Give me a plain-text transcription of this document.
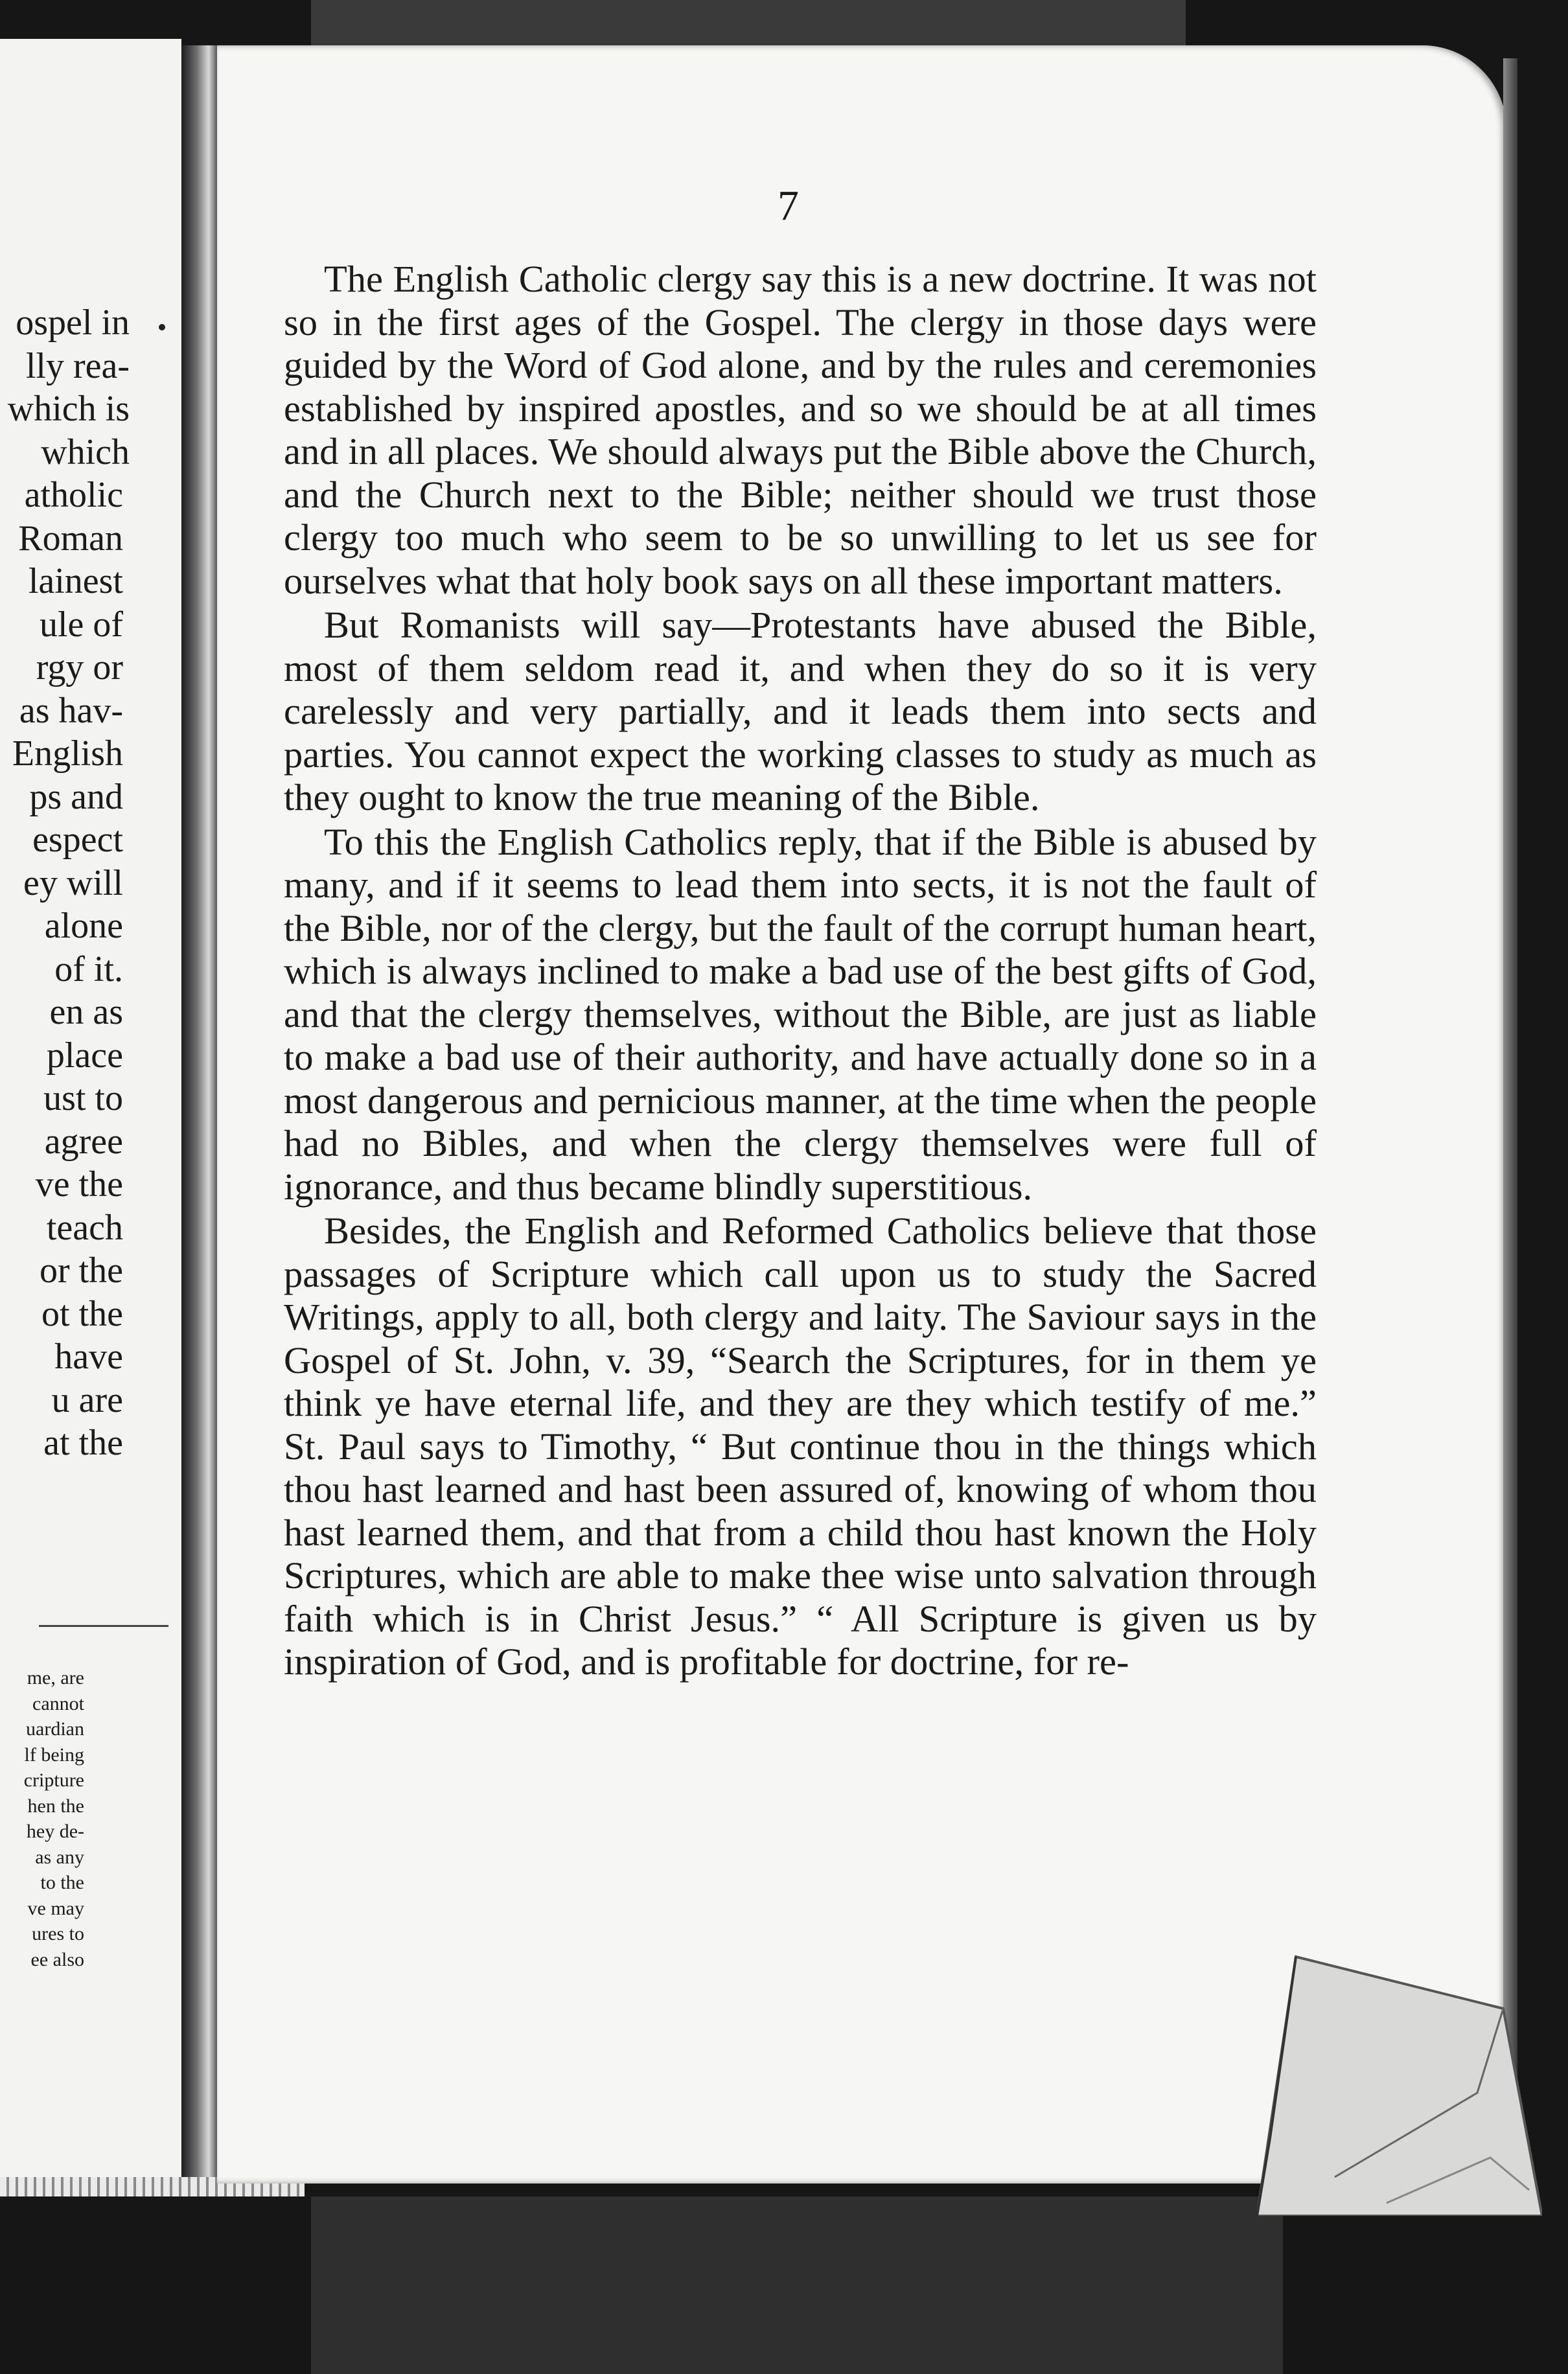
ospel in
lly rea-
which is
which
atholic
Roman
lainest
ule of
rgy or
as hav-
English
ps and
espect
ey will
alone
of it.
en as
place
ust to
agree
ve the
teach
or the
ot the
have
u are
at the
me, are
cannot
uardian
lf being
cripture
hen the
hey de-
as any
to the
ve may
ures to
ee also
7

The English Catholic clergy say this is a new doctrine. It was not so in the first ages of the Gospel. The clergy in those days were guided by the Word of God alone, and by the rules and ceremonies established by inspired apostles, and so we should be at all times and in all places. We should always put the Bible above the Church, and the Church next to the Bible; neither should we trust those clergy too much who seem to be so unwilling to let us see for ourselves what that holy book says on all these important matters.

But Romanists will say—Protestants have abused the Bible, most of them seldom read it, and when they do so it is very carelessly and very partially, and it leads them into sects and parties. You cannot expect the working classes to study as much as they ought to know the true meaning of the Bible.

To this the English Catholics reply, that if the Bible is abused by many, and if it seems to lead them into sects, it is not the fault of the Bible, nor of the clergy, but the fault of the corrupt human heart, which is always inclined to make a bad use of the best gifts of God, and that the clergy themselves, without the Bible, are just as liable to make a bad use of their authority, and have actually done so in a most dangerous and pernicious manner, at the time when the people had no Bibles, and when the clergy themselves were full of ignorance, and thus became blindly superstitious.

Besides, the English and Reformed Catholics believe that those passages of Scripture which call upon us to study the Sacred Writings, apply to all, both clergy and laity. The Saviour says in the Gospel of St. John, v. 39, “Search the Scriptures, for in them ye think ye have eternal life, and they are they which testify of me.” St. Paul says to Timothy, “ But continue thou in the things which thou hast learned and hast been assured of, knowing of whom thou hast learned them, and that from a child thou hast known the Holy Scriptures, which are able to make thee wise unto salvation through faith which is in Christ Jesus.” “ All Scripture is given us by inspiration of God, and is profitable for doctrine, for re-
